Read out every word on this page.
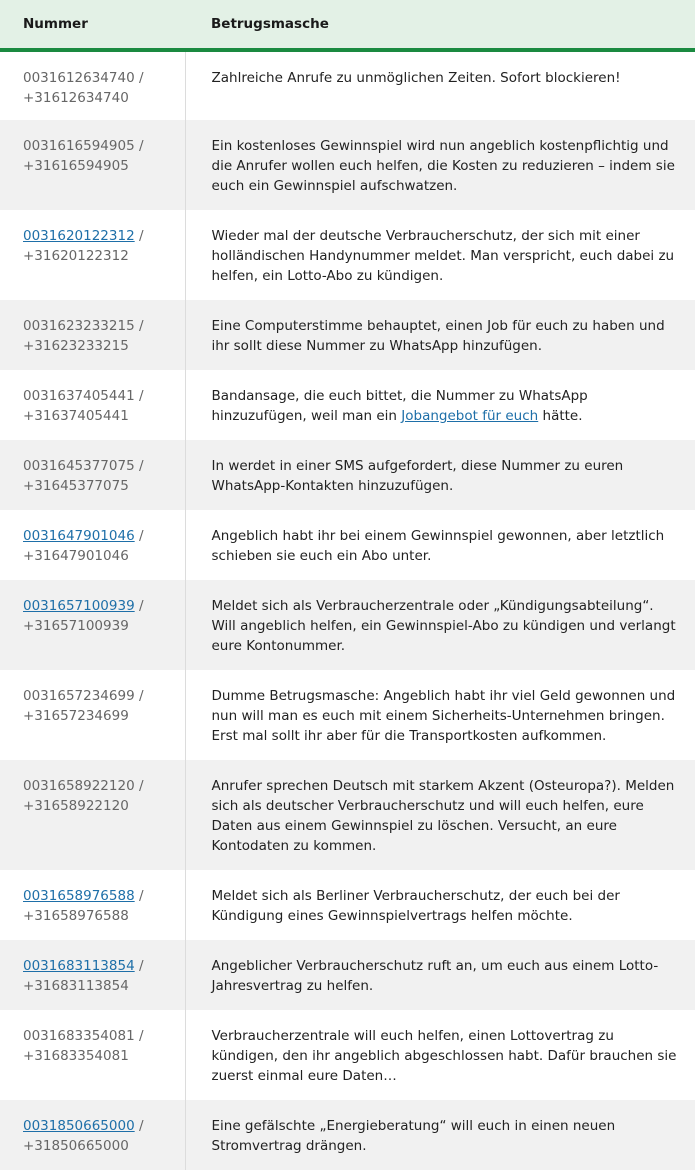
Nummer	Betrugsmasche
0031612634740 /
+31612634740	Zahlreiche Anrufe zu unmöglichen Zeiten. Sofort blockieren!
0031616594905 /
+31616594905	Ein kostenloses Gewinnspiel wird nun angeblich kostenpflichtig und die Anrufer wollen euch helfen, die Kosten zu reduzieren – indem sie euch ein Gewinnspiel aufschwatzen.
0031620122312 /
+31620122312	Wieder mal der deutsche Verbraucherschutz, der sich mit einer holländischen Handynummer meldet. Man verspricht, euch dabei zu helfen, ein Lotto-Abo zu kündigen.
0031623233215 /
+31623233215	Eine Computerstimme behauptet, einen Job für euch zu haben und ihr sollt diese Nummer zu WhatsApp hinzufügen.
0031637405441 /
+31637405441	Bandansage, die euch bittet, die Nummer zu WhatsApp hinzuzufügen, weil man ein Jobangebot für euch hätte.
0031645377075 /
+31645377075	In werdet in einer SMS aufgefordert, diese Nummer zu euren WhatsApp-Kontakten hinzuzufügen.
0031647901046 /
+31647901046	Angeblich habt ihr bei einem Gewinnspiel gewonnen, aber letztlich schieben sie euch ein Abo unter.
0031657100939 /
+31657100939	Meldet sich als Verbraucherzentrale oder „Kündigungsabteilung“. Will angeblich helfen, ein Gewinnspiel-Abo zu kündigen und verlangt eure Kontonummer.
0031657234699 /
+31657234699	Dumme Betrugsmasche: Angeblich habt ihr viel Geld gewonnen und nun will man es euch mit einem Sicherheits-Unternehmen bringen. Erst mal sollt ihr aber für die Transportkosten aufkommen.
0031658922120 /
+31658922120	Anrufer sprechen Deutsch mit starkem Akzent (Osteuropa?). Melden sich als deutscher Verbraucherschutz und will euch helfen, eure Daten aus einem Gewinnspiel zu löschen. Versucht, an eure Kontodaten zu kommen.
0031658976588 /
+31658976588	Meldet sich als Berliner Verbraucherschutz, der euch bei der Kündigung eines Gewinnspielvertrags helfen möchte.
0031683113854 /
+31683113854	Angeblicher Verbraucherschutz ruft an, um euch aus einem Lotto-Jahresvertrag zu helfen.
0031683354081 /
+31683354081	Verbraucherzentrale will euch helfen, einen Lottovertrag zu kündigen, den ihr angeblich abgeschlossen habt. Dafür brauchen sie zuerst einmal eure Daten…
0031850665000 /
+31850665000	Eine gefälschte „Energieberatung“ will euch in einen neuen Stromvertrag drängen.
